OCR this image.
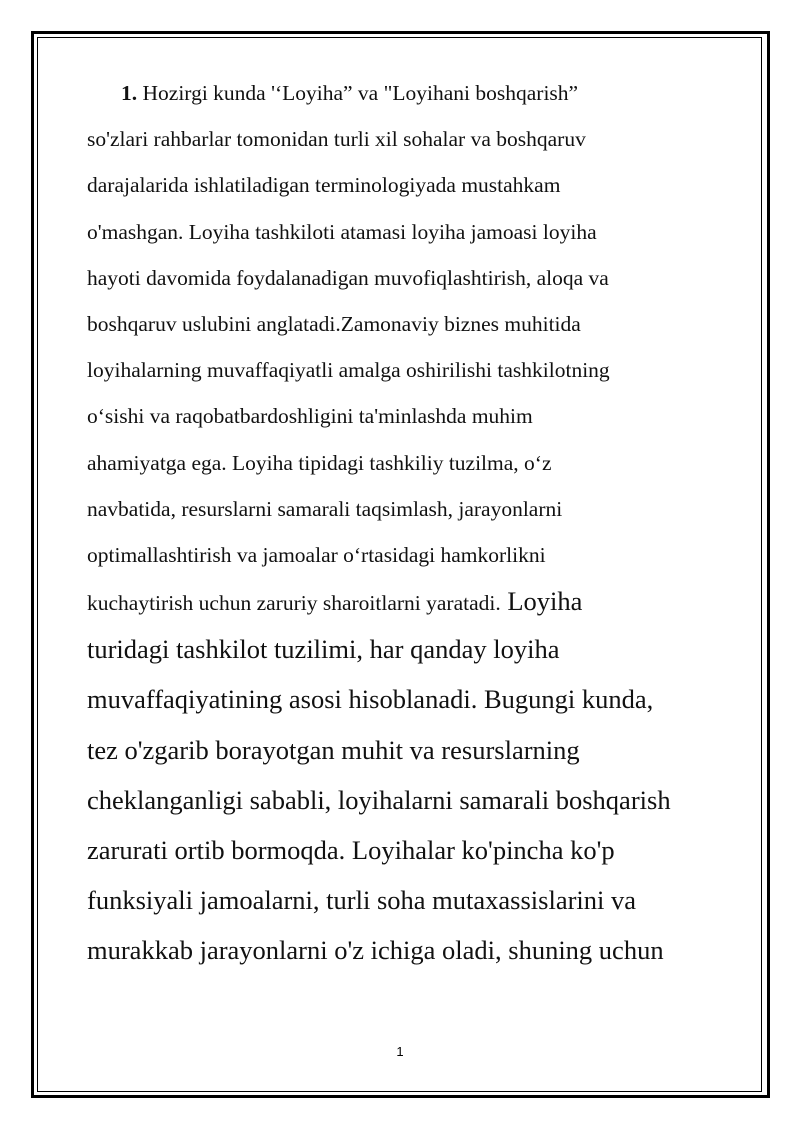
1. Hozirgi kunda '‘Loyiha” va "Loyihani boshqarish”
so'zlari rahbarlar tomonidan turli xil sohalar va boshqaruv
darajalarida ishlatiladigan terminologiyada mustahkam
o'mashgan. Loyiha tashkiloti atamasi loyiha jamoasi loyiha
hayoti davomida foydalanadigan muvofiqlashtirish, aloqa va
boshqaruv uslubini anglatadi.Zamonaviy biznes muhitida
loyihalarning muvaffaqiyatli amalga oshirilishi tashkilotning
o‘sishi va raqobatbardoshligini ta'minlashda muhim
ahamiyatga ega. Loyiha tipidagi tashkiliy tuzilma, o‘z
navbatida, resurslarni samarali taqsimlash, jarayonlarni
optimallashtirish va jamoalar o‘rtasidagi hamkorlikni
kuchaytirish uchun zaruriy sharoitlarni yaratadi. Loyiha
turidagi tashkilot tuzilimi, har qanday loyiha
muvaffaqiyatining asosi hisoblanadi. Bugungi kunda,
tez o'zgarib borayotgan muhit va resurslarning
cheklanganligi sababli, loyihalarni samarali boshqarish
zarurati ortib bormoqda. Loyihalar ko'pincha ko'p
funksiyali jamoalarni, turli soha mutaxassislarini va
murakkab jarayonlarni o'z ichiga oladi, shuning uchun
1
